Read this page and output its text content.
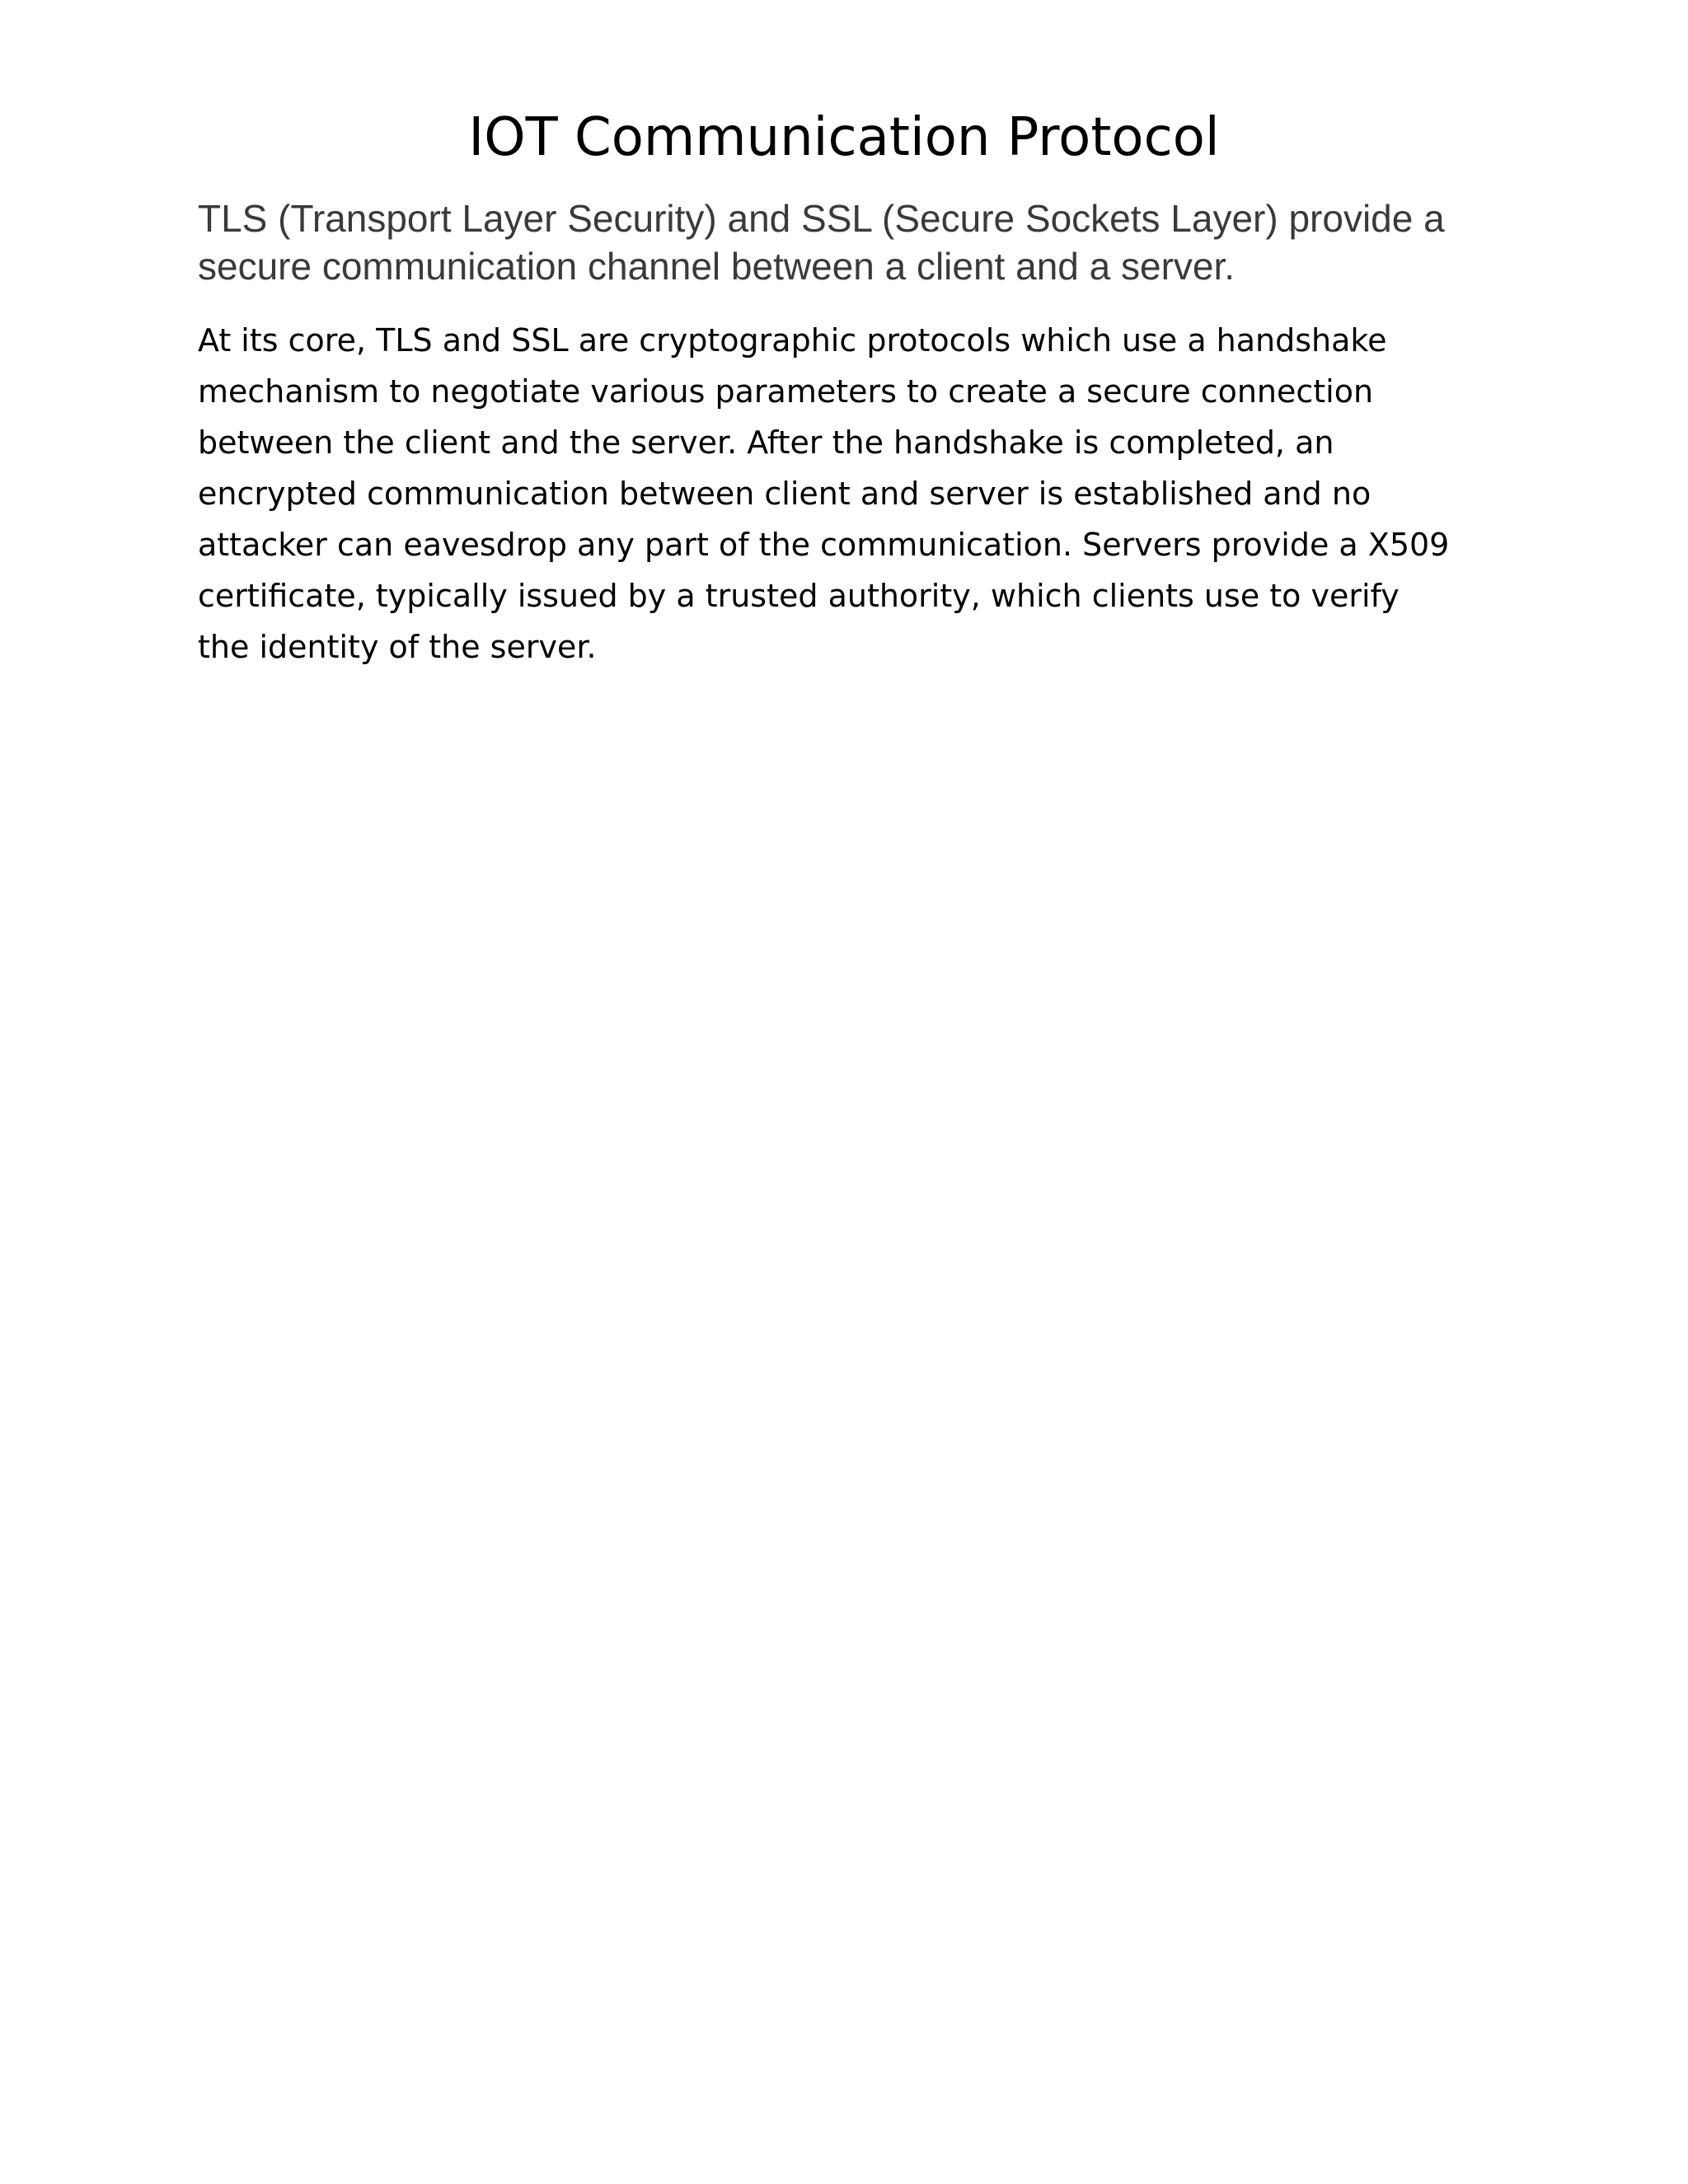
IOT Communication Protocol

TLS (Transport Layer Security) and SSL (Secure Sockets Layer) provide a secure communication channel between a client and a server.

At its core, TLS and SSL are cryptographic protocols which use a handshake mechanism to negotiate various parameters to create a secure connection between the client and the server. After the handshake is completed, an encrypted communication between client and server is established and no attacker can eavesdrop any part of the communication. Servers provide a X509 certificate, typically issued by a trusted authority, which clients use to verify the identity of the server.
